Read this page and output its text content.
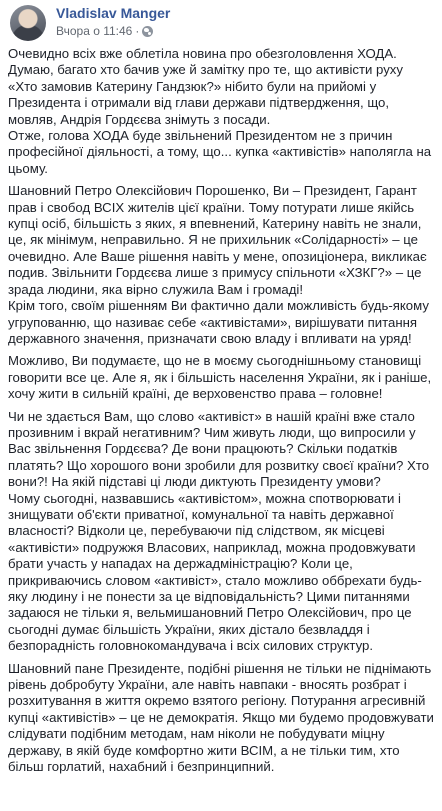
Vladislav Manger
Вчора о 11:46 ·

Очевидно всіх вже облетіла новина про обезголовлення ХОДА. Думаю, багато хто бачив уже й замітку про те, що активісти руху «Хто замовив Катерину Гандзюк?» нібито були на прийомі у Президента і отримали від глави держави підтвердження, що, мовляв, Андрія Гордєєва знімуть з посади.

Отже, голова ХОДА буде звільнений Президентом не з причин професійної діяльності, а тому, що... купка «активістів» наполягла на цьому.

Шановний Петро Олексійович Порошенко, Ви – Президент, Гарант прав і свобод ВСІХ жителів цієї країни. Тому потурати лише якійсь купці осіб, більшість з яких, я впевнений, Катерину навіть не знали, це, як мінімум, неправильно. Я не прихильник «Солідарності» – це очевидно. Але Ваше рішення навіть у мене, опозиціонера, викликає подив. Звільнити Гордєєва лише з примусу спільноти «ХЗКГ?» – це зрада людини, яка вірно служила Вам і громаді!

Крім того, своїм рішенням Ви фактично дали можливість будь-якому угрупованню, що називає себе «активістами», вирішувати питання державного значення, призначати свою владу і впливати на уряд!

Можливо, Ви подумаєте, що не в моєму сьогоднішньому становищі говорити все це. Але я, як і більшість населення України, як і раніше, хочу жити в сильній країні, де верховенство права – головне!

Чи не здається Вам, що слово «активіст» в нашій країні вже стало прозивним і вкрай негативним? Чим живуть люди, що випросили у Вас звільнення Гордєєва? Де вони працюють? Скільки податків платять? Що хорошого вони зробили для розвитку своєї країни? Хто вони?! На якій підставі ці люди диктують Президенту умови?

Чому сьогодні, назвавшись «активістом», можна спотворювати і знищувати об'єкти приватної, комунальної та навіть державної власності? Відколи це, перебуваючи під слідством, як місцеві «активісти» подружжя Власових, наприклад, можна продовжувати брати участь у нападах на держадміністрацію? Коли це, прикриваючись словом «активіст», стало можливо оббрехати будь-яку людину і не понести за це відповідальність? Цими питаннями задаюся не тільки я, вельмишановний Петро Олексійович, про це сьогодні думає більшість України, яких дістало безвладдя і безпорадність головнокомандувача і всіх силових структур.

Шановний пане Президенте, подібні рішення не тільки не піднімають рівень добробуту України, але навіть навпаки - вносять розбрат і розхитування в життя окремо взятого регіону. Потурання агресивній купці «активістів» – це не демократія. Якщо ми будемо продовжувати слідувати подібним методам, нам ніколи не побудувати міцну державу, в якій буде комфортно жити ВСІМ, а не тільки тим, хто більш горлатий, нахабний і безпринципний.
